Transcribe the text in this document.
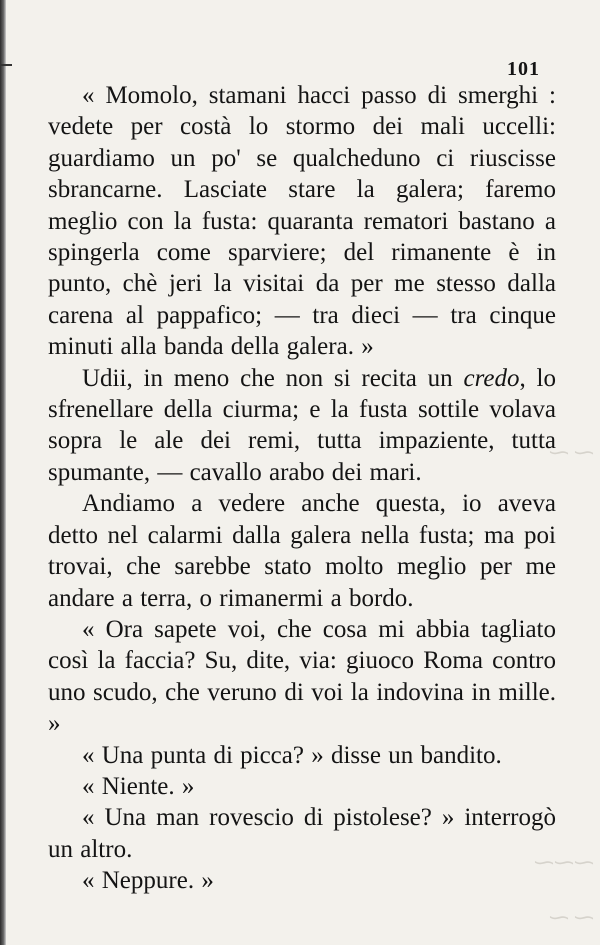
101

« Momolo, stamani hacci passo di smerghi : vedete per costà lo stormo dei mali uccelli: guardiamo un po' se qualcheduno ci riuscisse sbrancarne. Lasciate stare la galera; faremo meglio con la fusta: quaranta rematori bastano a spingerla come sparviere; del rimanente è in punto, chè jeri la visitai da per me stesso dalla carena al pappafico; — tra dieci — tra cinque minuti alla banda della galera. »

Udii, in meno che non si recita un credo, lo sfrenellare della ciurma; e la fusta sottile volava sopra le ale dei remi, tutta impaziente, tutta spumante, — cavallo arabo dei mari.

Andiamo a vedere anche questa, io aveva detto nel calarmi dalla galera nella fusta; ma poi trovai, che sarebbe stato molto meglio per me andare a terra, o rimanermi a bordo.

« Ora sapete voi, che cosa mi abbia tagliato così la faccia? Su, dite, via: giuoco Roma contro uno scudo, che veruno di voi la indovina in mille. »

« Una punta di picca? » disse un bandito.

« Niente. »

« Una man rovescio di pistolese? » interrogò un altro.

« Neppure. »

⁓ ⁓
⁓⁓⁓
⁓ ⁓
